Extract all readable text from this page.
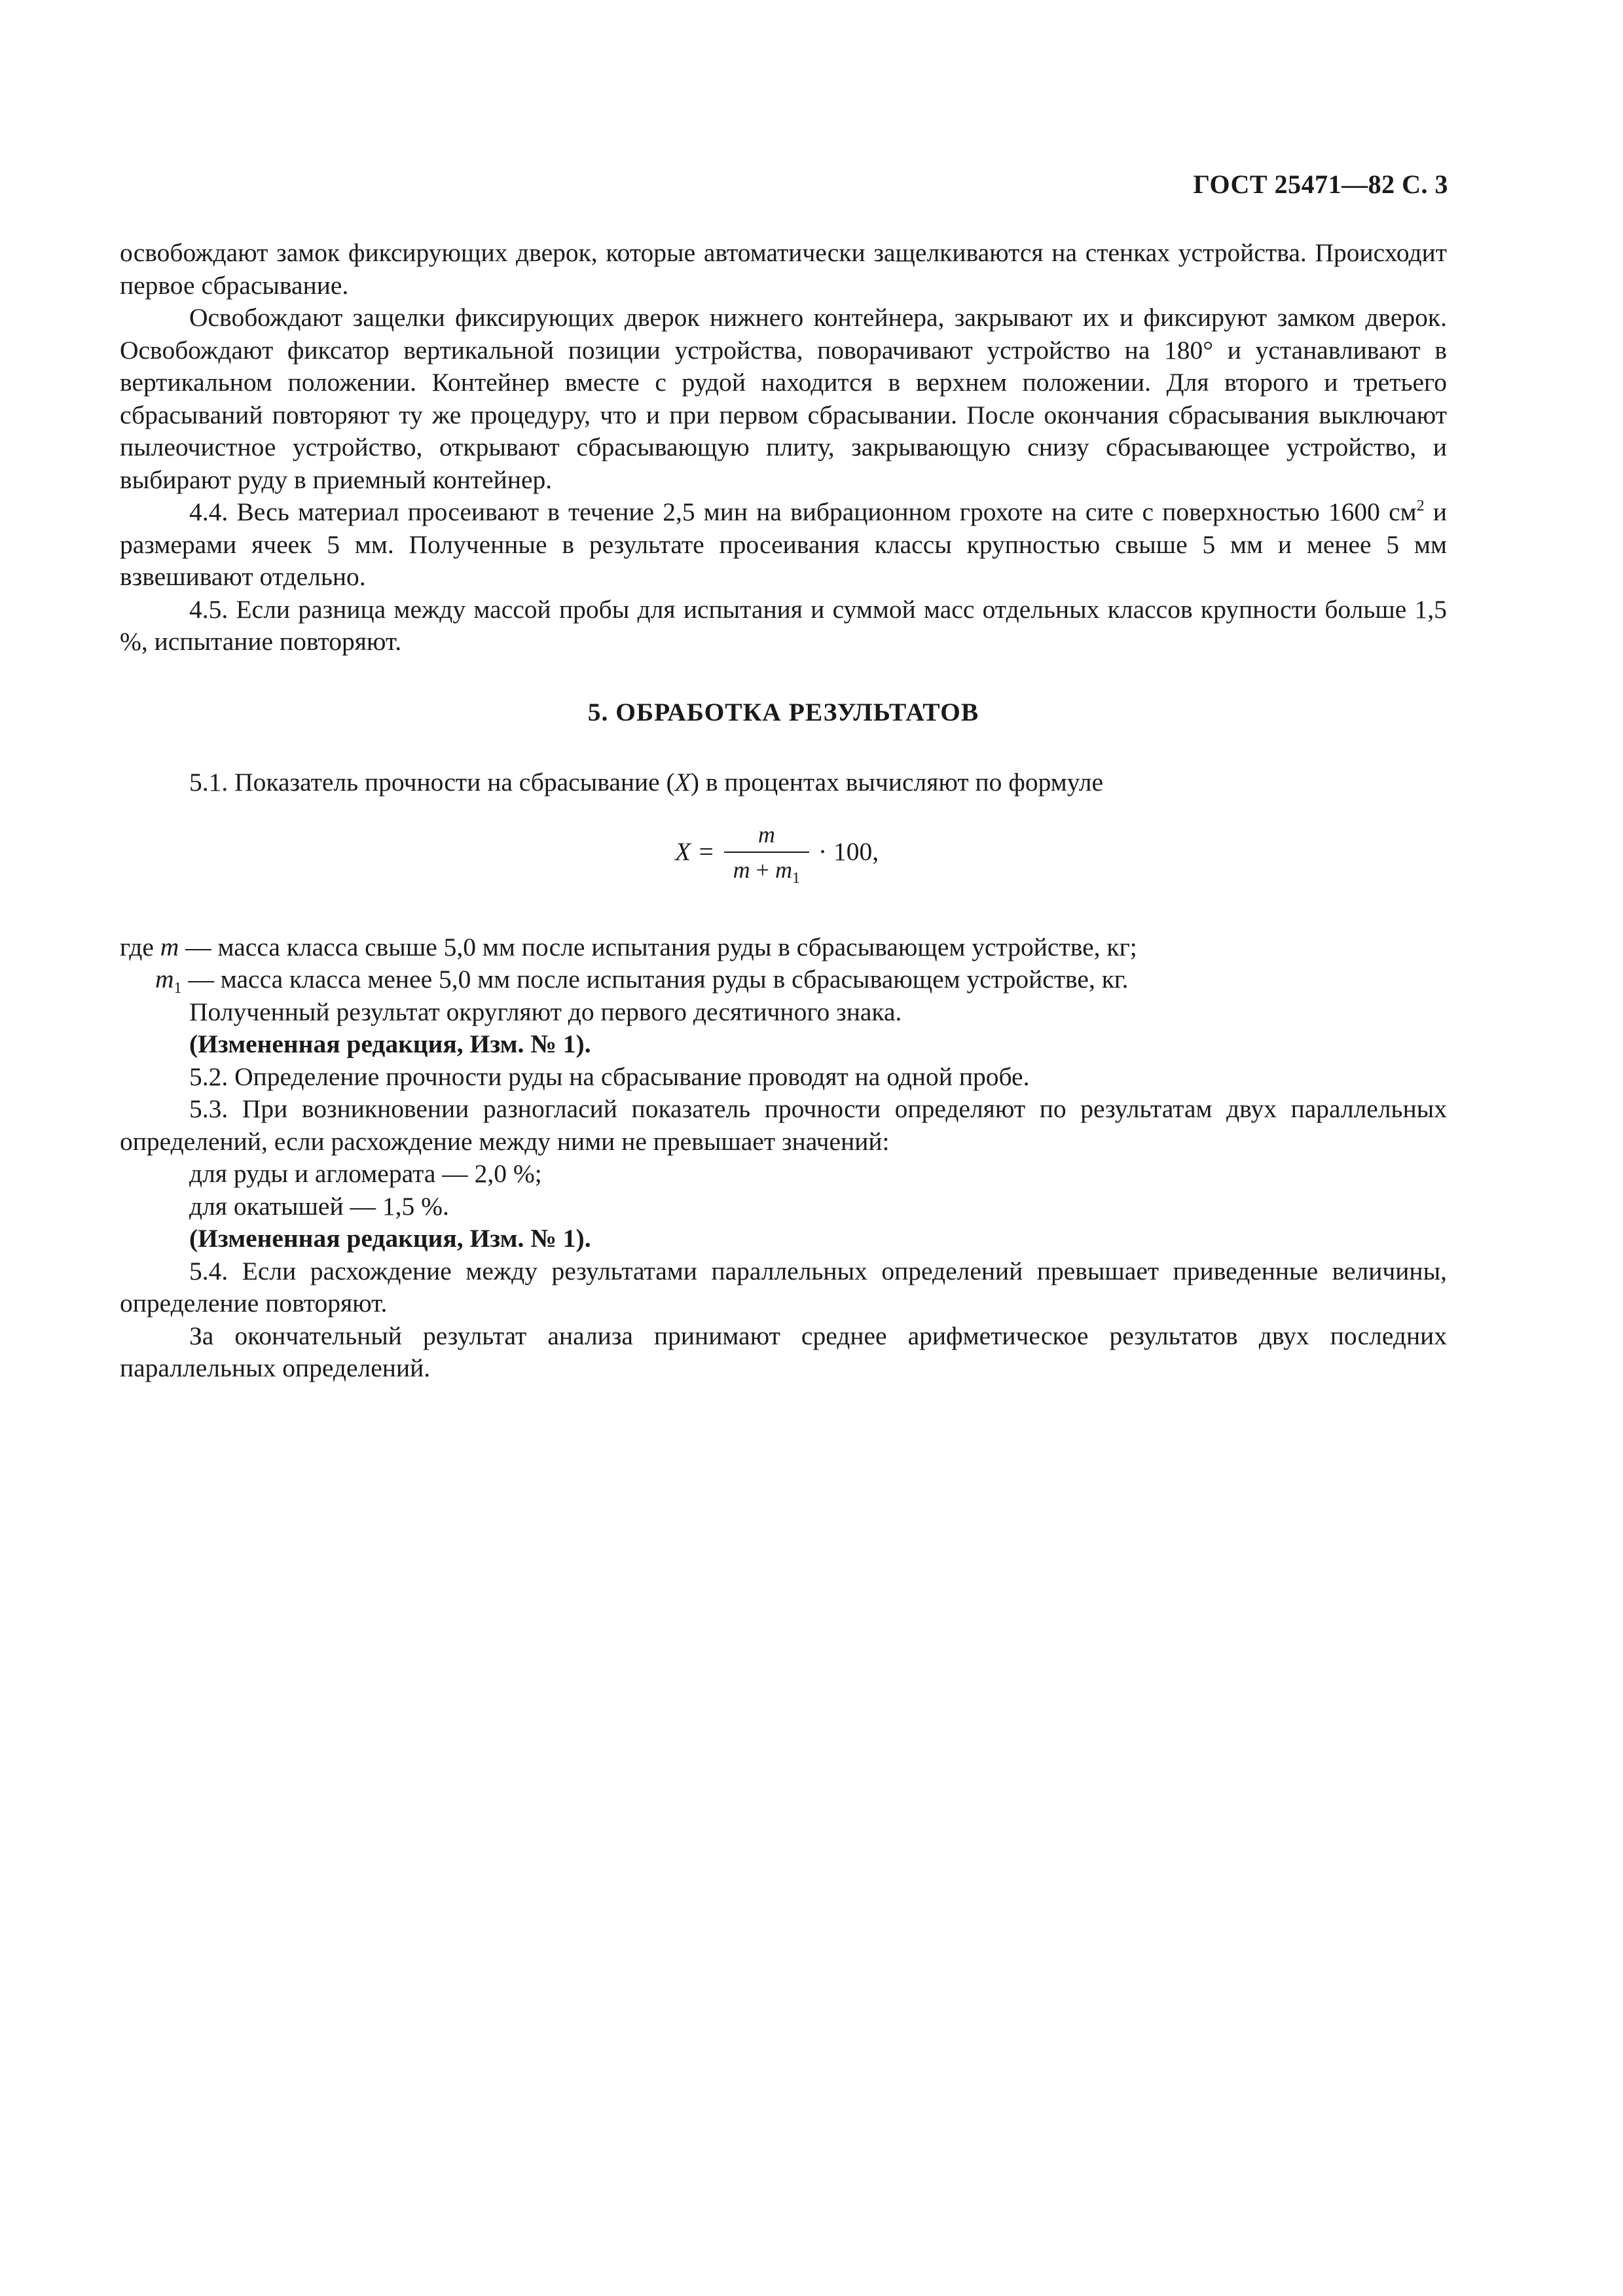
ГОСТ 25471—82 С. 3

освобождают замок фиксирующих дверок, которые автоматически защелкиваются на стенках устройства. Происходит первое сбрасывание.

Освобождают защелки фиксирующих дверок нижнего контейнера, закрывают их и фиксируют замком дверок. Освобождают фиксатор вертикальной позиции устройства, поворачивают устройство на 180° и устанавливают в вертикальном положении. Контейнер вместе с рудой находится в верхнем положении. Для второго и третьего сбрасываний повторяют ту же процедуру, что и при первом сбрасывании. После окончания сбрасывания выключают пылеочистное устройство, открывают сбрасывающую плиту, закрывающую снизу сбрасывающее устройство, и выбирают руду в приемный контейнер.

4.4. Весь материал просеивают в течение 2,5 мин на вибрационном грохоте на сите с поверхностью 1600 $см^2$ и размерами ячеек 5 мм. Полученные в результате просеивания классы крупностью свыше 5 мм и менее 5 мм взвешивают отдельно.

4.5. Если разница между массой пробы для испытания и суммой масс отдельных классов крупности больше 1,5 %, испытание повторяют.

5. ОБРАБОТКА РЕЗУЛЬТАТОВ

5.1. Показатель прочности на сбрасывание (X) в процентах вычисляют по формуле

$X = \frac{m}{m + m_1} \cdot 100$,

где m — масса класса свыше 5,0 мм после испытания руды в сбрасывающем устройстве, кг;

$m_1$ — масса класса менее 5,0 мм после испытания руды в сбрасывающем устройстве, кг.

Полученный результат округляют до первого десятичного знака.

(Измененная редакция, Изм. № 1).

5.2. Определение прочности руды на сбрасывание проводят на одной пробе.

5.3. При возникновении разногласий показатель прочности определяют по результатам двух параллельных определений, если расхождение между ними не превышает значений:

для руды и агломерата — 2,0 %;

для окатышей — 1,5 %.

(Измененная редакция, Изм. № 1).

5.4. Если расхождение между результатами параллельных определений превышает приведенные величины, определение повторяют.

За окончательный результат анализа принимают среднее арифметическое результатов двух последних параллельных определений.
